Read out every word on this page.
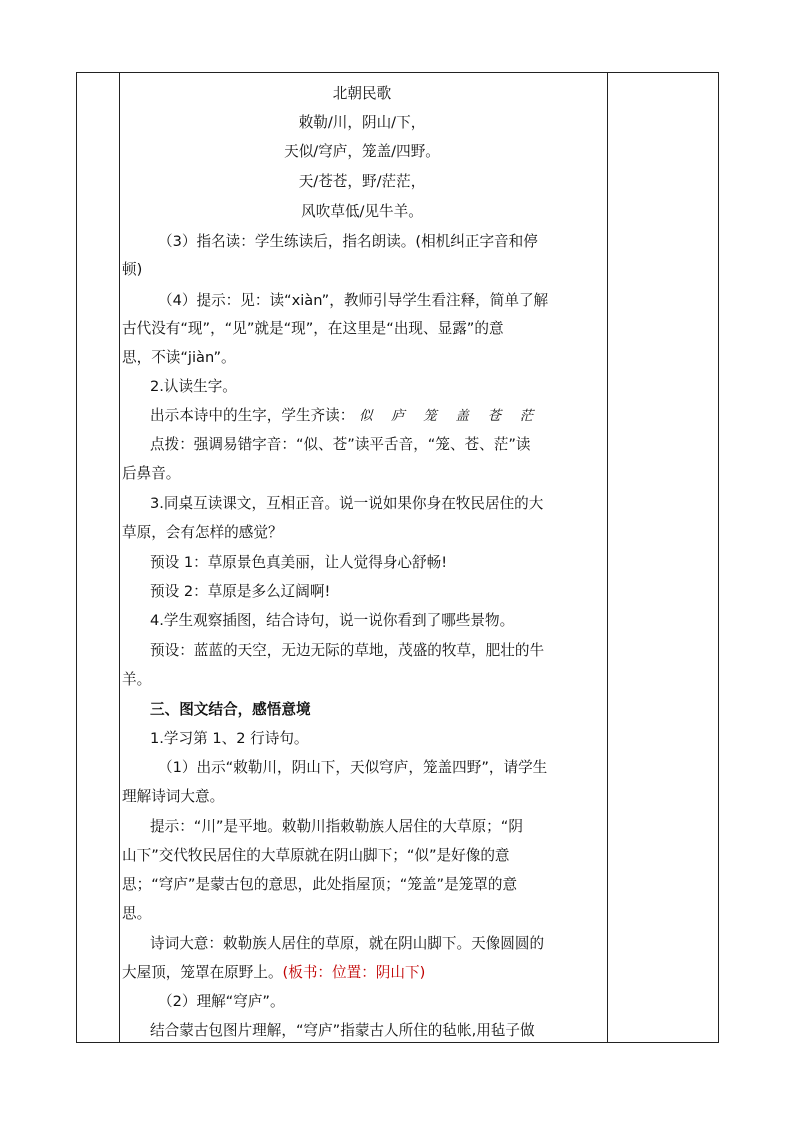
北朝民歌
敕勒/川，阴山/下，
天似/穹庐，笼盖/四野。
天/苍苍，野/茫茫，
风吹草低/见牛羊。
（3）指名读：学生练读后，指名朗读。(相机纠正字音和停
顿)
（4）提示：见：读“xiàn”，教师引导学生看注释，简单了解
古代没有“现”，“见”就是“现”，在这里是“出现、显露”的意
思，不读“jiàn”。
2.认读生字。
出示本诗中的生字，学生齐读： 似 庐 笼 盖 苍 茫
点拨：强调易错字音：“似、苍”读平舌音，“笼、苍、茫”读
后鼻音。
3.同桌互读课文，互相正音。说一说如果你身在牧民居住的大
草原，会有怎样的感觉？
预设 1：草原景色真美丽，让人觉得身心舒畅!
预设 2：草原是多么辽阔啊!
4.学生观察插图，结合诗句，说一说你看到了哪些景物。
预设：蓝蓝的天空，无边无际的草地，茂盛的牧草，肥壮的牛
羊。
三、图文结合，感悟意境
1.学习第 1、2 行诗句。
（1）出示“敕勒川，阴山下，天似穹庐，笼盖四野”，请学生
理解诗词大意。
提示：“川”是平地。敕勒川指敕勒族人居住的大草原；“阴
山下”交代牧民居住的大草原就在阴山脚下；“似”是好像的意
思；“穹庐”是蒙古包的意思，此处指屋顶；“笼盖”是笼罩的意
思。
诗词大意：敕勒族人居住的草原，就在阴山脚下。天像圆圆的
大屋顶，笼罩在原野上。(板书：位置：阴山下)
（2）理解“穹庐”。
结合蒙古包图片理解，“穹庐”指蒙古人所住的毡帐,用毡子做
